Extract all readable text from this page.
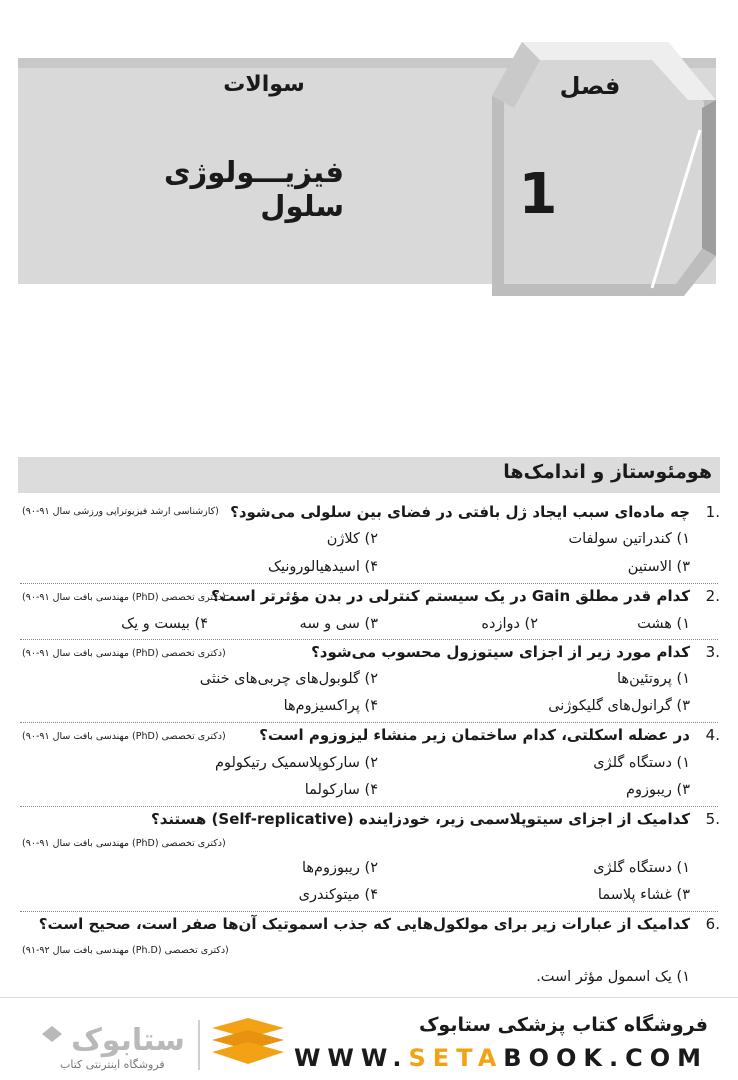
فصل
1
سوالات
فیزیـــولوژی سلول
هومئوستاز و اندامک‌ها
.1
چه ماده‌ای سبب ایجاد ژل بافتی در فضای بین سلولی می‌شود؟
(کارشناسی ارشد فیزیوتراپی ورزشی سال ۹۱-۹۰)
۱) کندراتین سولفات
۲) کلاژن
۳) الاستین
۴) اسیدهیالورونیک
.2
کدام قدر مطلق Gain در یک سیستم کنترلی در بدن مؤثرتر است؟
(دکتری تخصصی (PhD) مهندسی بافت سال ۹۱-۹۰)
۱) هشت
۲) دوازده
۳) سی و سه
۴) بیست و یک
.3
کدام مورد زیر از اجزای سیتوزول محسوب می‌شود؟
(دکتری تخصصی (PhD) مهندسی بافت سال ۹۱-۹۰)
۱) پروتئین‌ها
۲) گلوبول‌های چربی‌های خنثی
۳) گرانول‌های گلیکوژنی
۴) پراکسیزوم‌ها
.4
در عضله اسکلتی، کدام ساختمان زیر منشاء لیزوزوم است؟
(دکتری تخصصی (PhD) مهندسی بافت سال ۹۱-۹۰)
۱) دستگاه گلژی
۲) سارکوپلاسمیک رتیکولوم
۳) ریبوزوم
۴) سارکولما
.5
کدامیک از اجزای سیتوپلاسمی زیر، خودزاینده (Self-replicative) هستند؟
(دکتری تخصصی (PhD) مهندسی بافت سال ۹۱-۹۰)
۱) دستگاه گلژی
۲) ریبوزوم‌ها
۳) غشاء پلاسما
۴) میتوکندری
.6
کدامیک از عبارات زیر برای مولکول‌هایی که جذب اسموتیک آن‌ها صفر است، صحیح است؟
(دکتری تخصصی (Ph.D) مهندسی بافت سال ۹۲-۹۱)
۱) یک اسمول مؤثر است.
فروشگاه کتاب پزشکی ستابوک
WWW.SETABOOK.COM
ستابوک
فروشگاه اینترنتی کتاب
